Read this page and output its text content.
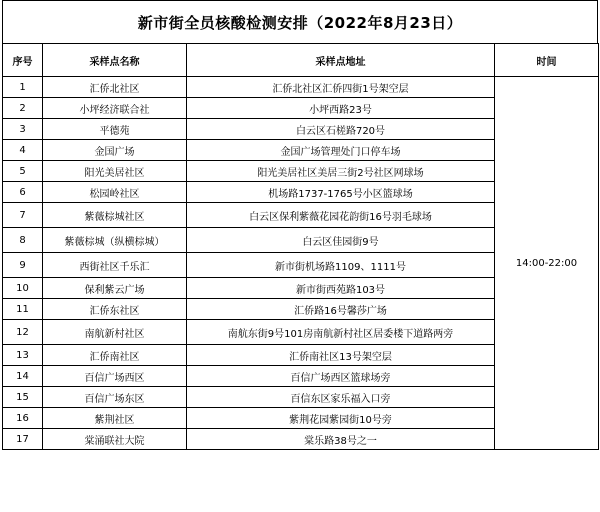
新市街全员核酸检测安排（2022年8月23日）
序号	采样点名称	采样点地址	时间
1	汇侨北社区	汇侨北社区汇侨四街1号架空层	14:00-22:00
2	小坪经济联合社	小坪西路23号	
3	平德苑	白云区石槎路720号	
4	金国广场	金国广场管理处门口停车场	
5	阳光美居社区	阳光美居社区美居三街2号社区网球场	
6	松园岭社区	机场路1737-1765号小区篮球场	
7	紫薇棕城社区	白云区保利紫薇花园花韵街16号羽毛球场	
8	紫薇棕城（纵横棕城）	白云区佳园街9号	
9	西街社区千乐汇	新市街机场路1109、1111号	
10	保利紫云广场	新市街西苑路103号	
11	汇侨东社区	汇侨路16号馨莎广场	
12	南航新村社区	南航东街9号101房南航新村社区居委楼下道路两旁	
13	汇侨南社区	汇侨南社区13号架空层	
14	百信广场西区	百信广场西区篮球场旁	
15	百信广场东区	百信东区家乐福入口旁	
16	紫荆社区	紫荆花园紫园街10号旁	
17	棠涌联社大院	棠乐路38号之一	
